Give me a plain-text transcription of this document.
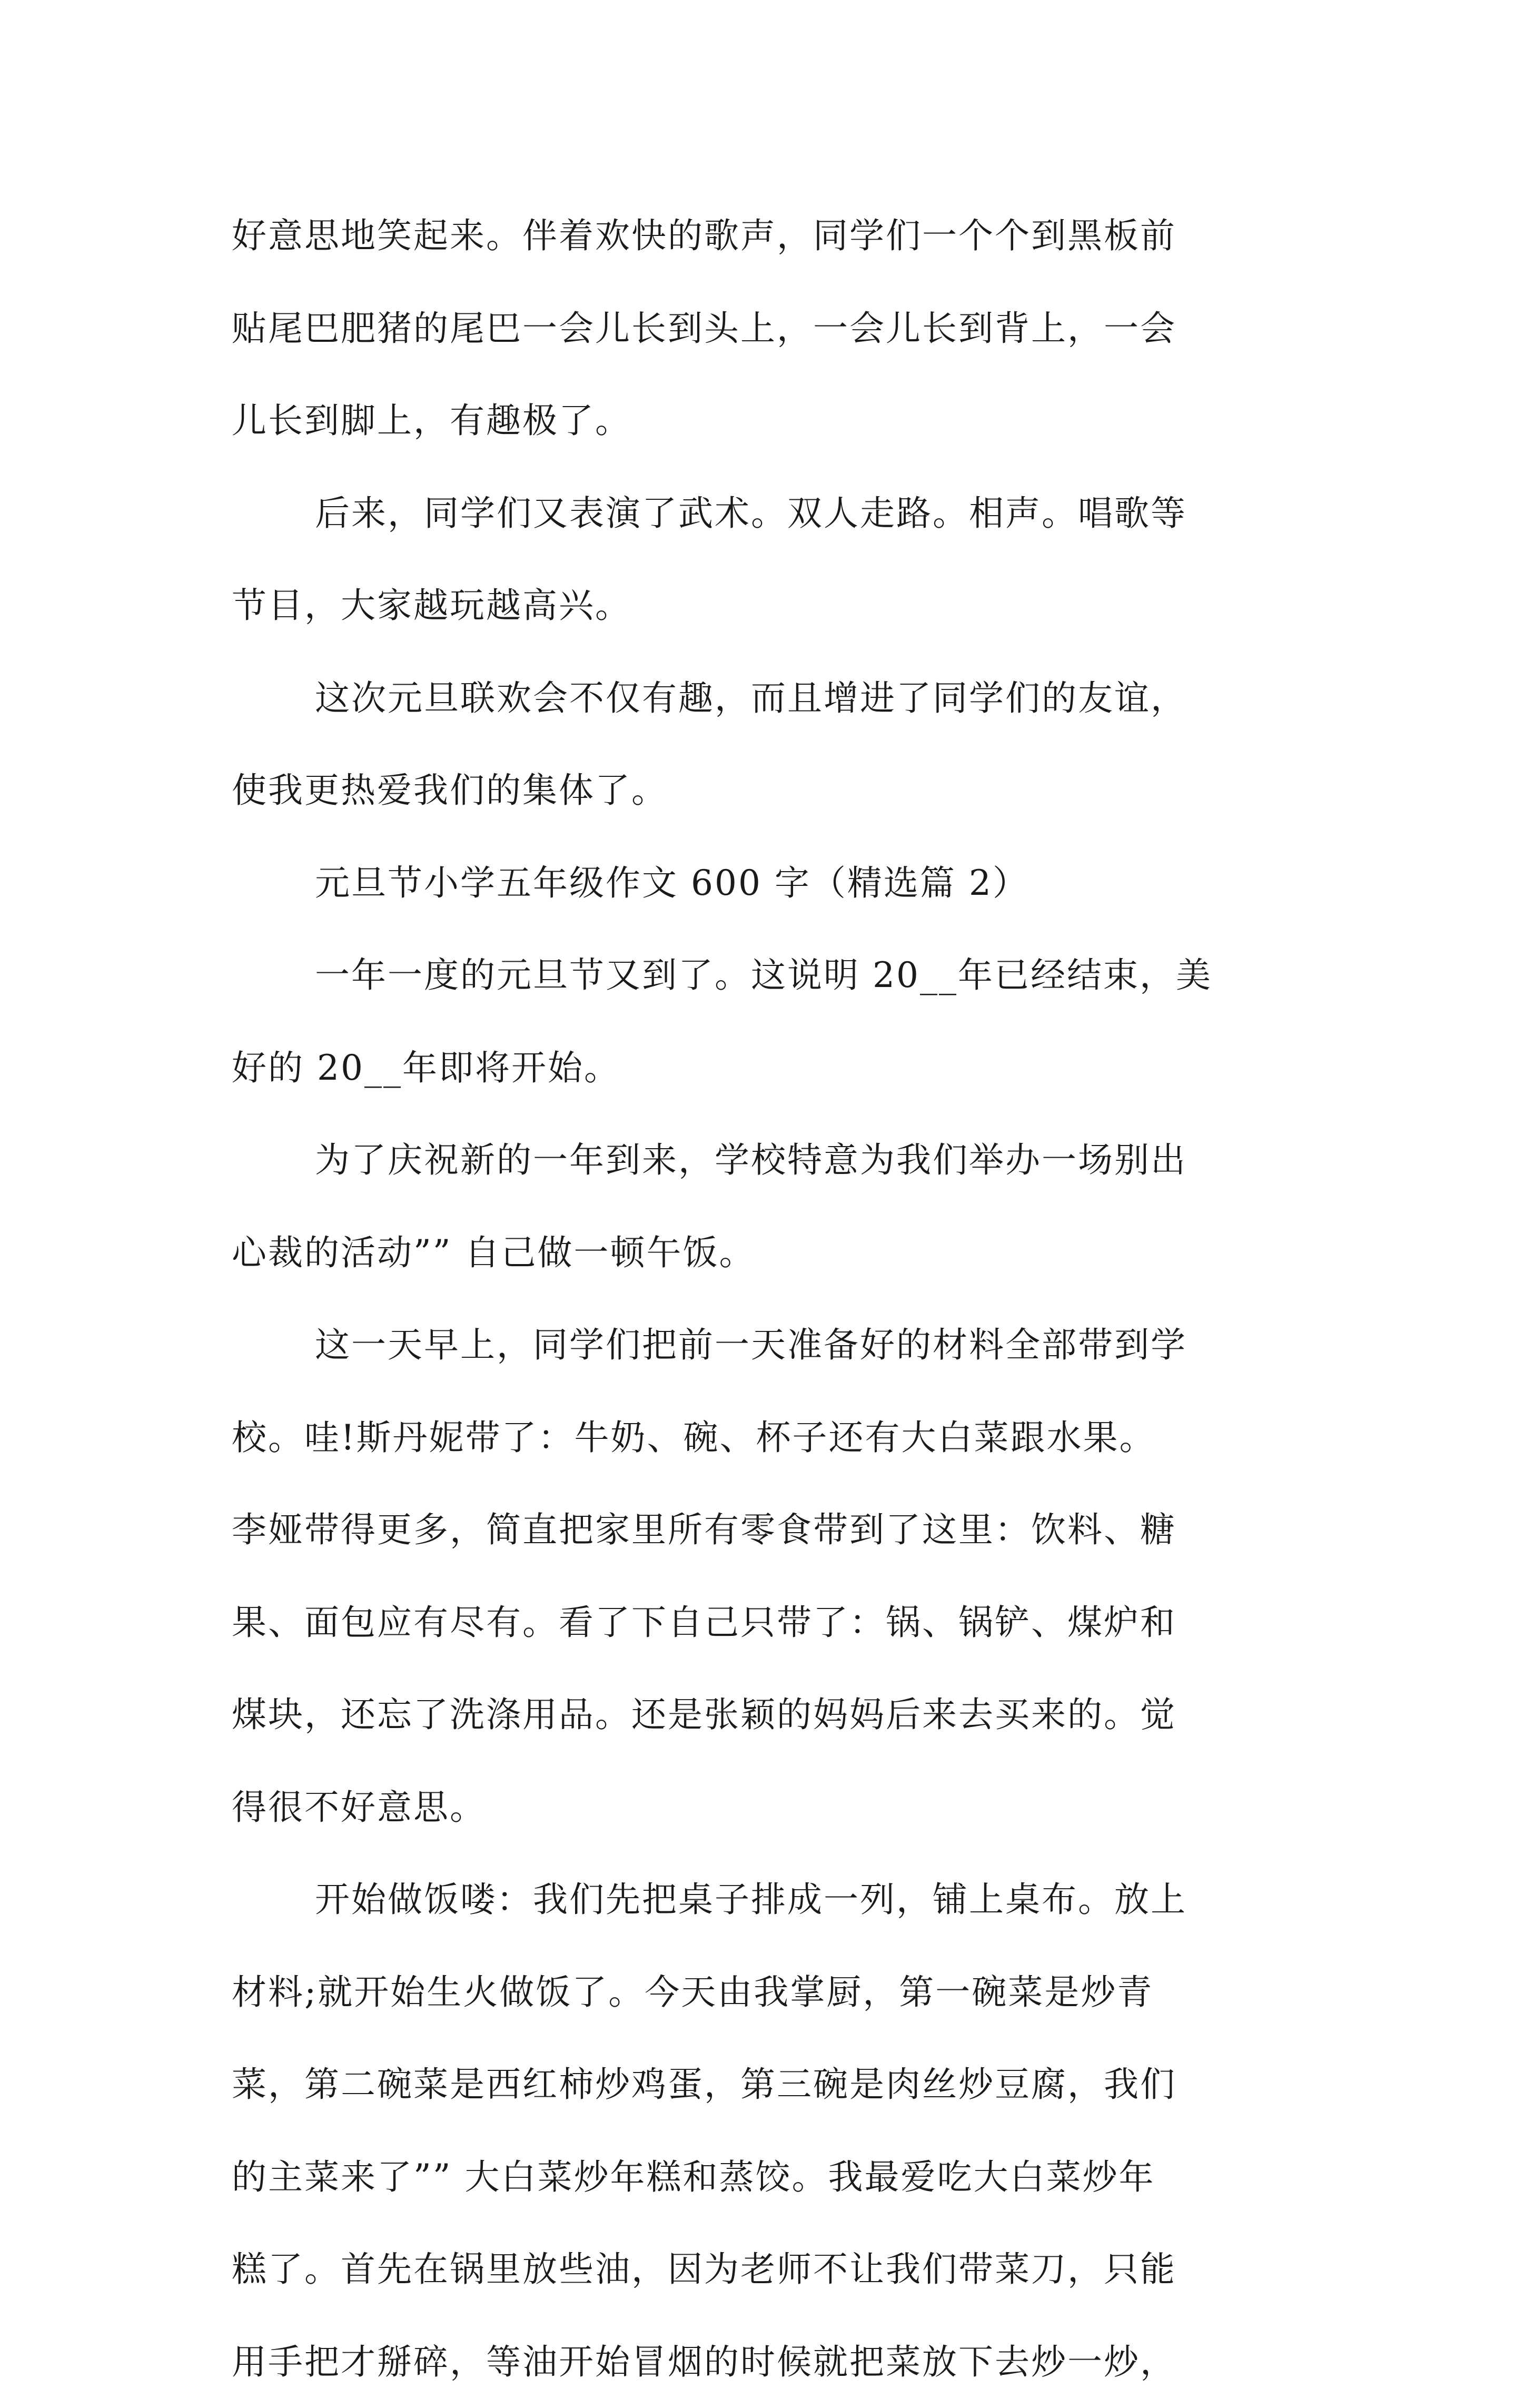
好意思地笑起来。伴着欢快的歌声，同学们一个个到黑板前
贴尾巴肥猪的尾巴一会儿长到头上，一会儿长到背上，一会
儿长到脚上，有趣极了。
后来，同学们又表演了武术。双人走路。相声。唱歌等
节目，大家越玩越高兴。
这次元旦联欢会不仅有趣，而且增进了同学们的友谊，
使我更热爱我们的集体了。
元旦节小学五年级作文 600 字（精选篇 2）
一年一度的元旦节又到了。这说明 20__年已经结束，美
好的 20__年即将开始。
为了庆祝新的一年到来，学校特意为我们举办一场别出
心裁的活动”” 自己做一顿午饭。
这一天早上，同学们把前一天准备好的材料全部带到学
校。哇!斯丹妮带了：牛奶、碗、杯子还有大白菜跟水果。
李娅带得更多，简直把家里所有零食带到了这里：饮料、糖
果、面包应有尽有。看了下自己只带了：锅、锅铲、煤炉和
煤块，还忘了洗涤用品。还是张颖的妈妈后来去买来的。觉
得很不好意思。
开始做饭喽：我们先把桌子排成一列，铺上桌布。放上
材料;就开始生火做饭了。今天由我掌厨，第一碗菜是炒青
菜，第二碗菜是西红柿炒鸡蛋，第三碗是肉丝炒豆腐，我们
的主菜来了”” 大白菜炒年糕和蒸饺。我最爱吃大白菜炒年
糕了。首先在锅里放些油，因为老师不让我们带菜刀，只能
用手把才掰碎，等油开始冒烟的时候就把菜放下去炒一炒，
